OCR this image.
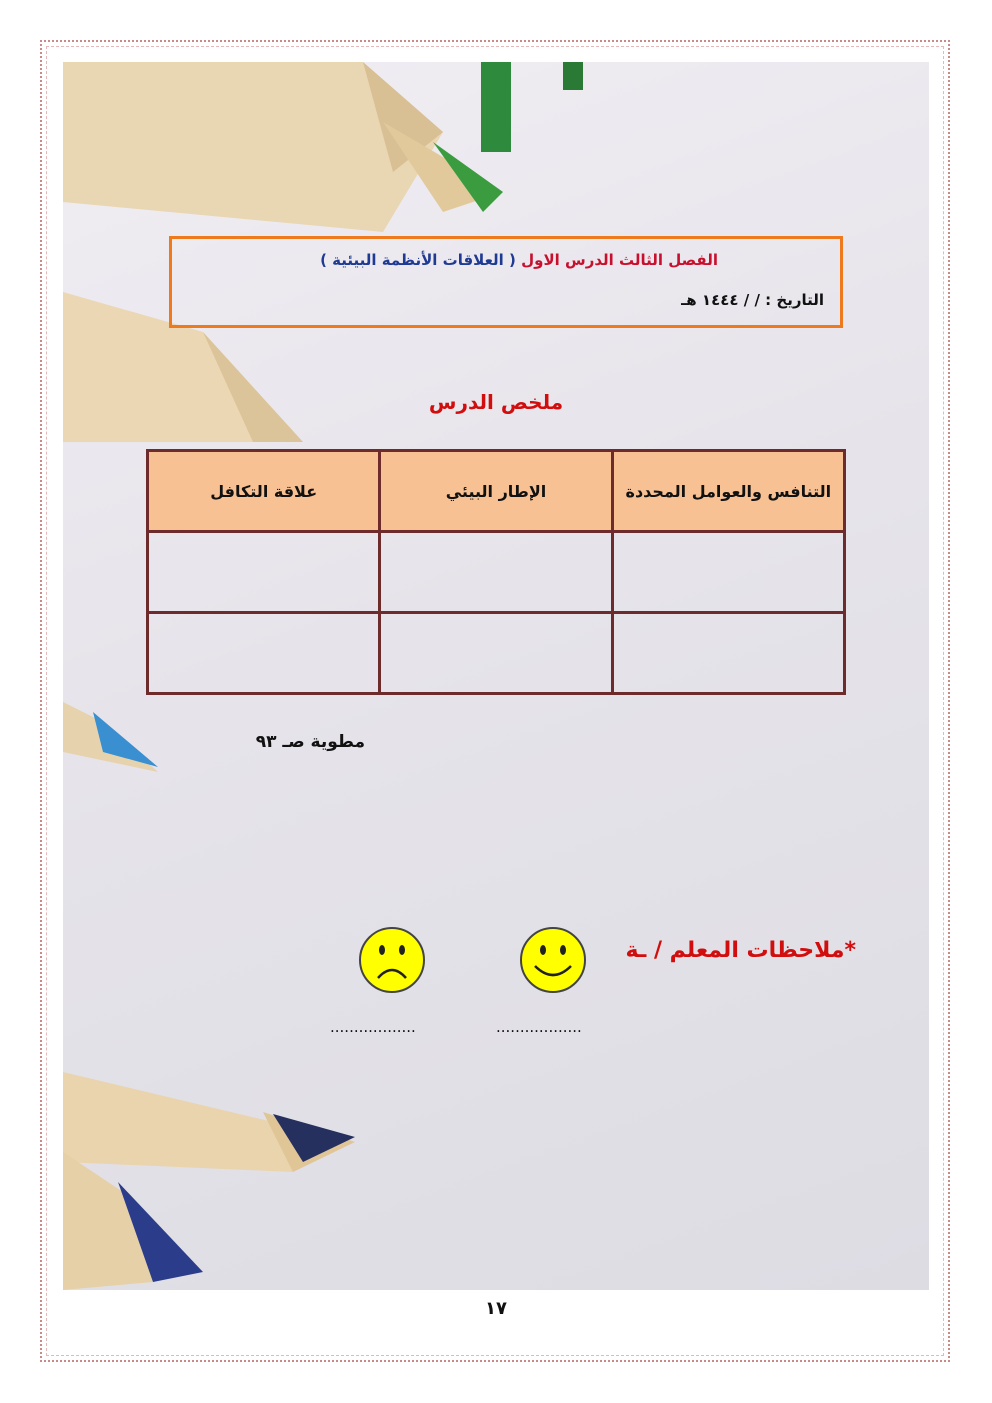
الفصل الثالث الدرس الاول ( العلاقات الأنظمة البيئية )
التاريخ : / / ١٤٤٤ هـ
ملخص الدرس
التنافس والعوامل المحددة	الإطار البيئي	علاقة التكافل

مطوية صـ ٩٣
*ملاحظات المعلم / ـة
..................
..................
١٧
